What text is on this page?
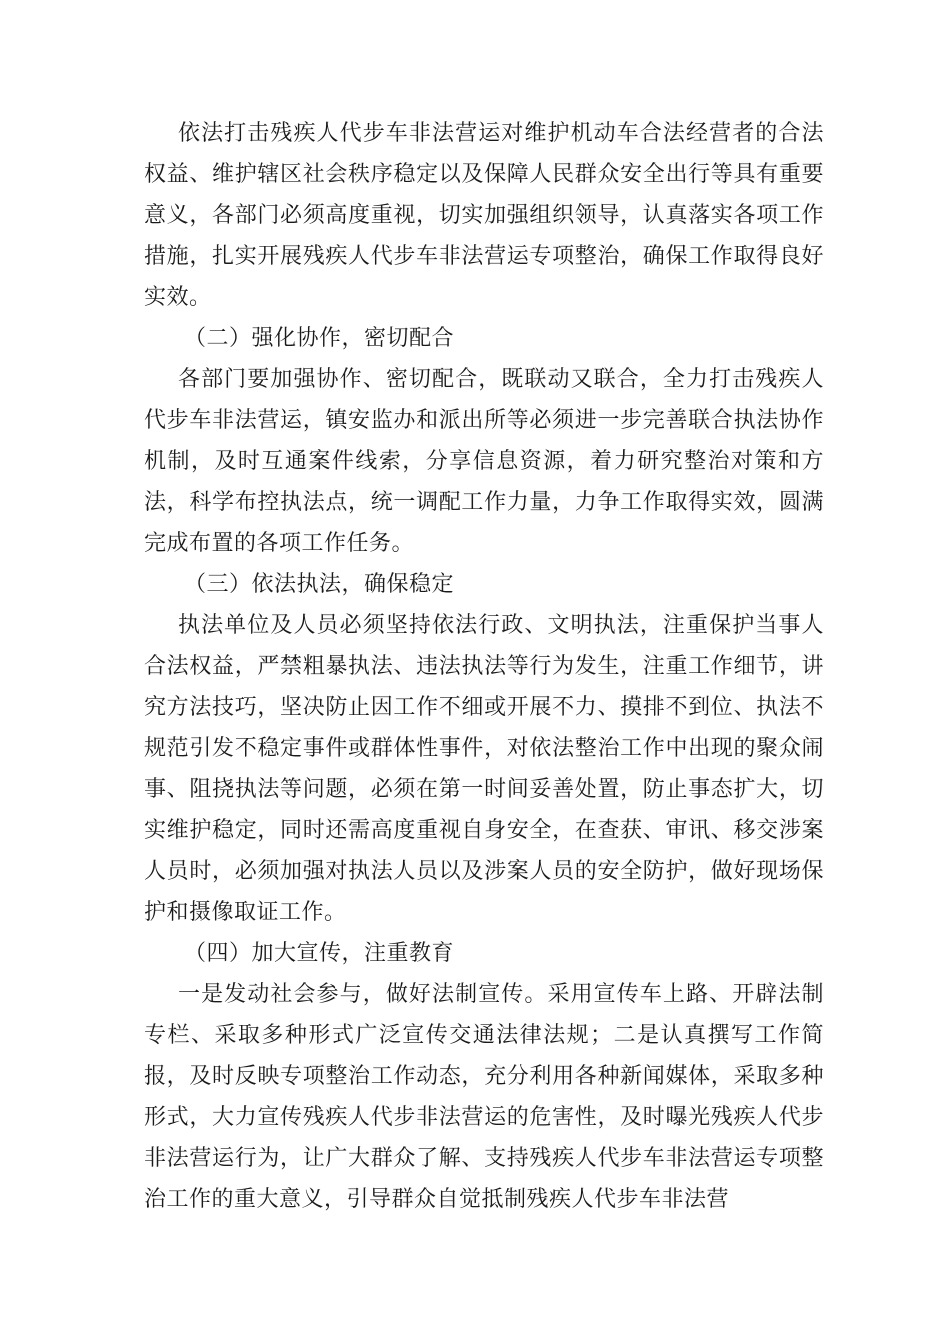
依法打击残疾人代步车非法营运对维护机动车合法经营者的合法权益、维护辖区社会秩序稳定以及保障人民群众安全出行等具有重要意义，各部门必须高度重视，切实加强组织领导，认真落实各项工作措施，扎实开展残疾人代步车非法营运专项整治，确保工作取得良好实效。

（二）强化协作，密切配合

各部门要加强协作、密切配合，既联动又联合，全力打击残疾人代步车非法营运，镇安监办和派出所等必须进一步完善联合执法协作机制，及时互通案件线索，分享信息资源，着力研究整治对策和方法，科学布控执法点，统一调配工作力量，力争工作取得实效，圆满完成布置的各项工作任务。

（三）依法执法，确保稳定

执法单位及人员必须坚持依法行政、文明执法，注重保护当事人合法权益，严禁粗暴执法、违法执法等行为发生，注重工作细节，讲究方法技巧，坚决防止因工作不细或开展不力、摸排不到位、执法不规范引发不稳定事件或群体性事件，对依法整治工作中出现的聚众闹事、阻挠执法等问题，必须在第一时间妥善处置，防止事态扩大，切实维护稳定，同时还需高度重视自身安全，在查获、审讯、移交涉案人员时，必须加强对执法人员以及涉案人员的安全防护，做好现场保护和摄像取证工作。

（四）加大宣传，注重教育

一是发动社会参与，做好法制宣传。采用宣传车上路、开辟法制专栏、采取多种形式广泛宣传交通法律法规；二是认真撰写工作简报，及时反映专项整治工作动态，充分利用各种新闻媒体，采取多种形式，大力宣传残疾人代步非法营运的危害性，及时曝光残疾人代步非法营运行为，让广大群众了解、支持残疾人代步车非法营运专项整治工作的重大意义，引导群众自觉抵制残疾人代步车非法营
